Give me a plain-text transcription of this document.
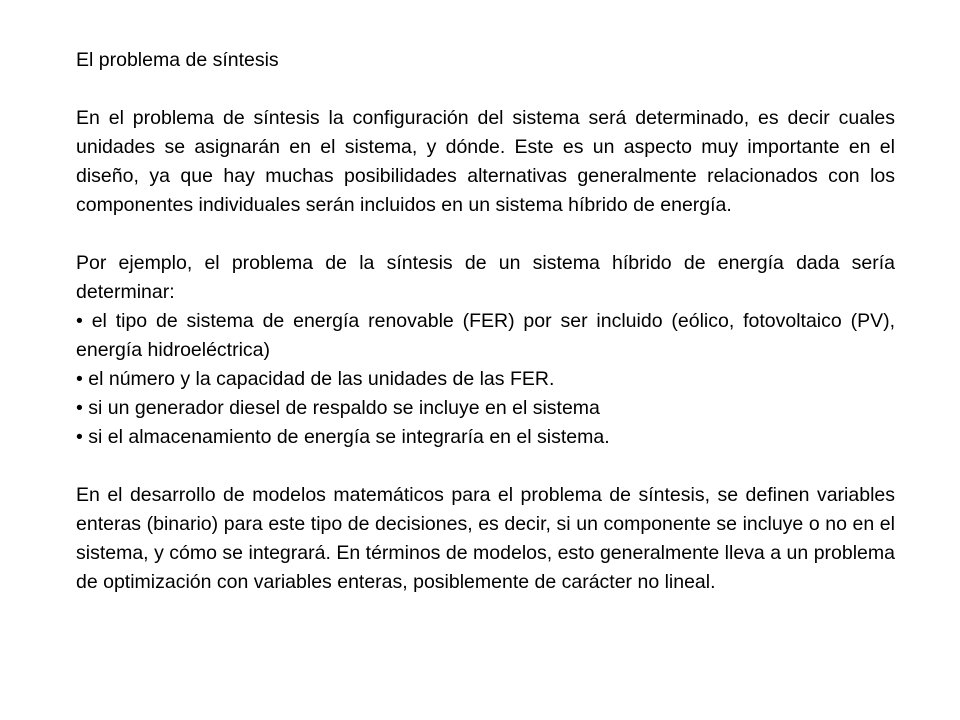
El problema de síntesis

En el problema de síntesis la configuración del sistema será determinado, es decir cuales unidades se asignarán en el sistema, y dónde. Este es un aspecto muy importante en el diseño, ya que hay muchas posibilidades alternativas generalmente relacionados con los componentes individuales serán incluidos en un sistema híbrido de energía.

Por ejemplo, el problema de la síntesis de un sistema híbrido de energía dada sería determinar:

• el tipo de sistema de energía renovable (FER) por ser incluido (eólico, fotovoltaico (PV), energía hidroeléctrica)
• el número y la capacidad de las unidades de las FER.
• si un generador diesel de respaldo se incluye en el sistema
• si el almacenamiento de energía se integraría en el sistema.

En el desarrollo de modelos matemáticos para el problema de síntesis, se definen variables enteras (binario) para este tipo de decisiones, es decir, si un componente se incluye o no en el sistema, y cómo se integrará. En términos de modelos, esto generalmente lleva a un problema de optimización con variables enteras, posiblemente de carácter no lineal.
